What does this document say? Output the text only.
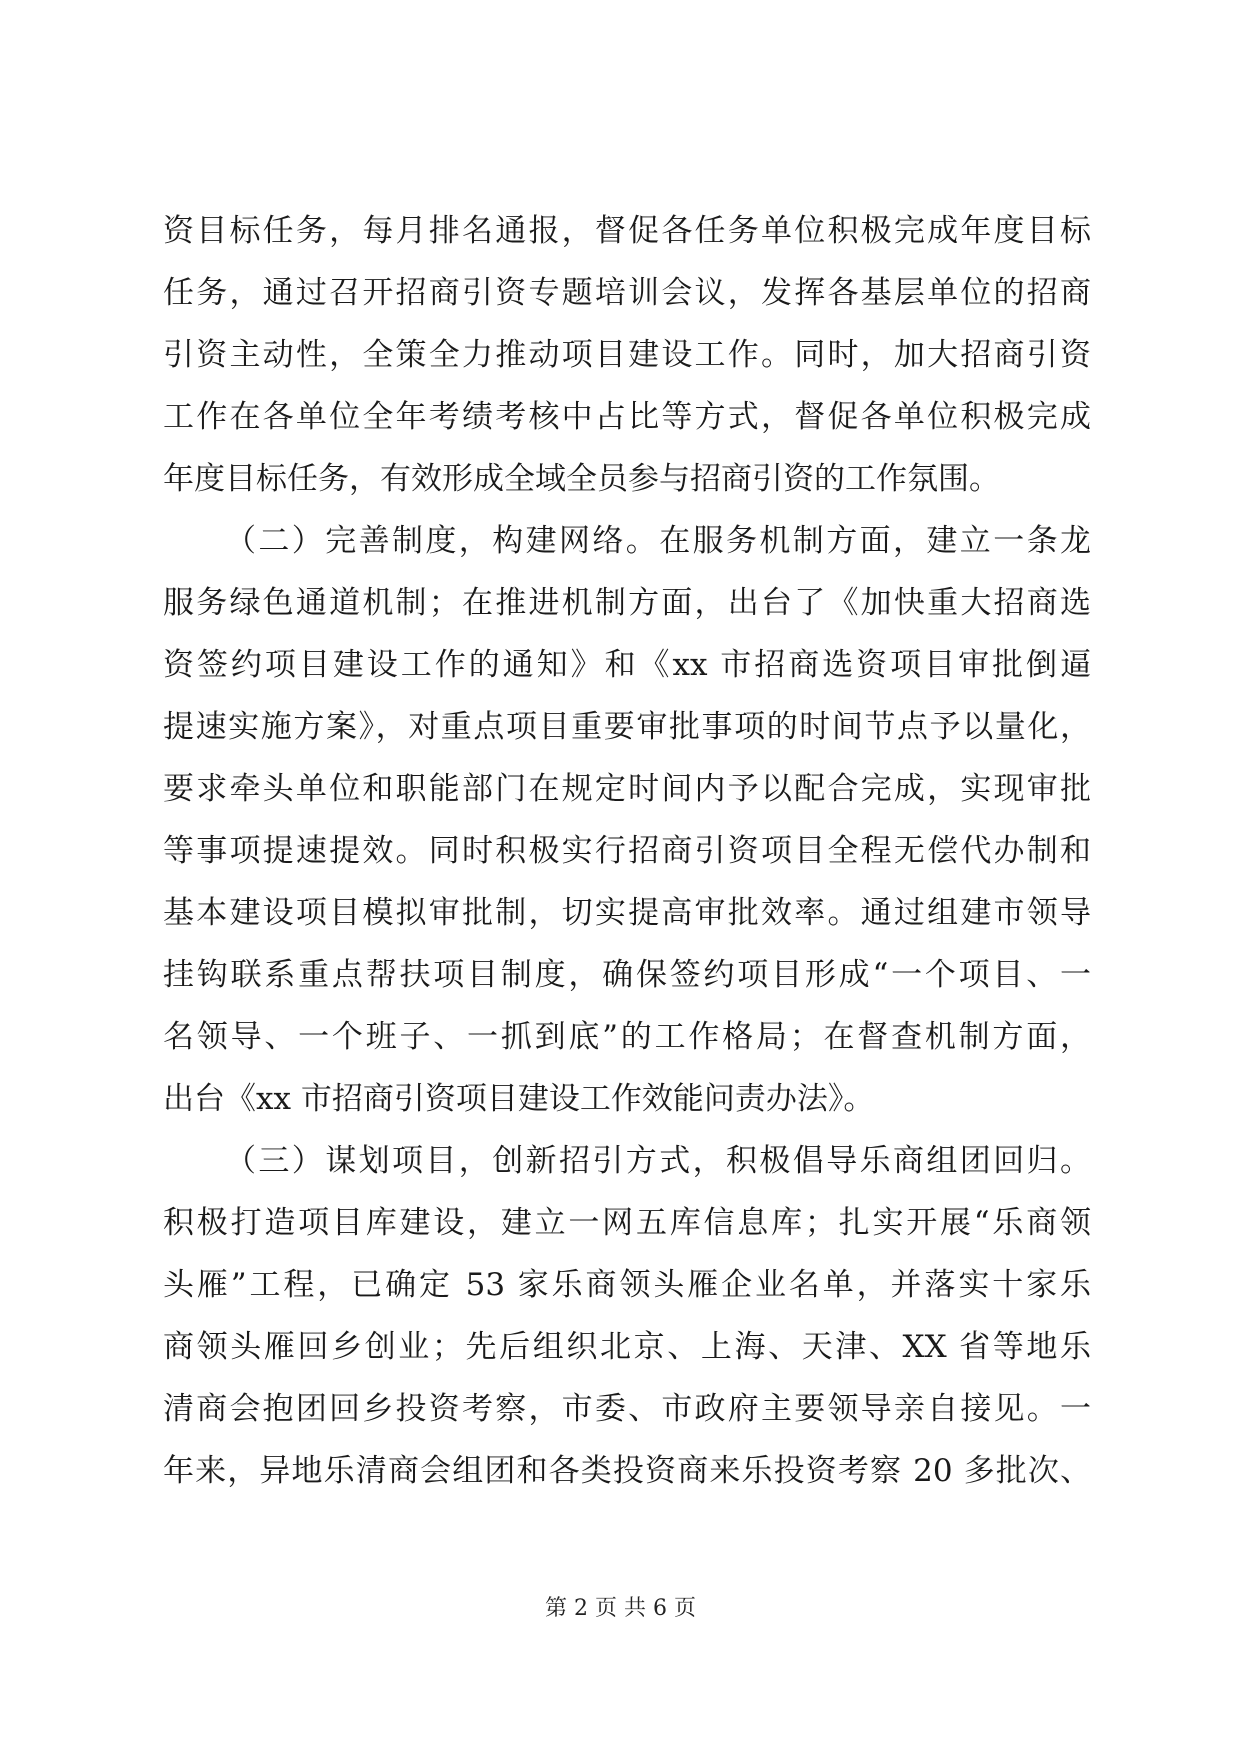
资目标任务，每月排名通报，督促各任务单位积极完成年度目标
任务，通过召开招商引资专题培训会议，发挥各基层单位的招商
引资主动性，全策全力推动项目建设工作。同时，加大招商引资
工作在各单位全年考绩考核中占比等方式，督促各单位积极完成
年度目标任务，有效形成全域全员参与招商引资的工作氛围。
（二）完善制度，构建网络。在服务机制方面，建立一条龙
服务绿色通道机制；在推进机制方面，出台了《加快重大招商选
资签约项目建设工作的通知》和《xx 市招商选资项目审批倒逼
提速实施方案》，对重点项目重要审批事项的时间节点予以量化，
要求牵头单位和职能部门在规定时间内予以配合完成，实现审批
等事项提速提效。同时积极实行招商引资项目全程无偿代办制和
基本建设项目模拟审批制，切实提高审批效率。通过组建市领导
挂钩联系重点帮扶项目制度，确保签约项目形成“一个项目、一
名领导、一个班子、一抓到底”的工作格局；在督查机制方面，
出台《xx 市招商引资项目建设工作效能问责办法》。
（三）谋划项目，创新招引方式，积极倡导乐商组团回归。
积极打造项目库建设，建立一网五库信息库；扎实开展“乐商领
头雁”工程，已确定 53 家乐商领头雁企业名单，并落实十家乐
商领头雁回乡创业；先后组织北京、上海、天津、XX 省等地乐
清商会抱团回乡投资考察，市委、市政府主要领导亲自接见。一
年来，异地乐清商会组团和各类投资商来乐投资考察 20 多批次、
第 2 页 共 6 页
